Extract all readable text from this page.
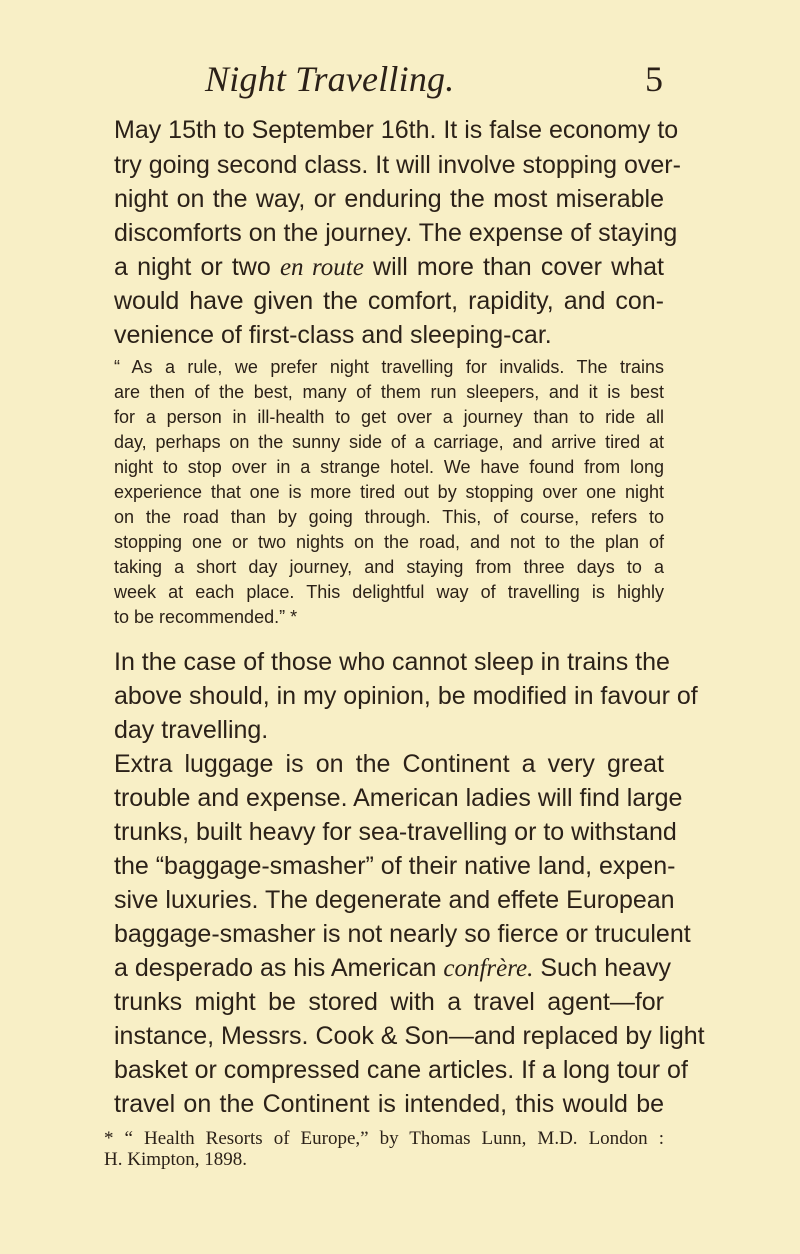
Night Travelling.	5
May 15th to September 16th. It is false economy to
try going second class. It will involve stopping over-
night on the way, or enduring the most miserable
discomforts on the journey. The expense of staying
a night or two en route will more than cover what
would have given the comfort, rapidity, and con-
venience of first-class and sleeping-car.
“ As a rule, we prefer night travelling for invalids. The trains
are then of the best, many of them run sleepers, and it is best
for a person in ill-health to get over a journey than to ride all
day, perhaps on the sunny side of a carriage, and arrive tired at
night to stop over in a strange hotel. We have found from long
experience that one is more tired out by stopping over one night
on the road than by going through. This, of course, refers to
stopping one or two nights on the road, and not to the plan of
taking a short day journey, and staying from three days to a
week at each place. This delightful way of travelling is highly
to be recommended.” *
In the case of those who cannot sleep in trains the
above should, in my opinion, be modified in favour of
day travelling.
Extra luggage is on the Continent a very great
trouble and expense. American ladies will find large
trunks, built heavy for sea-travelling or to withstand
the “baggage-smasher” of their native land, expen-
sive luxuries. The degenerate and effete European
baggage-smasher is not nearly so fierce or truculent
a desperado as his American confrère. Such heavy
trunks might be stored with a travel agent—for
instance, Messrs. Cook & Son—and replaced by light
basket or compressed cane articles. If a long tour of
travel on the Continent is intended, this would be
* “ Health Resorts of Europe,” by Thomas Lunn, M.D. London :
H. Kimpton, 1898.
